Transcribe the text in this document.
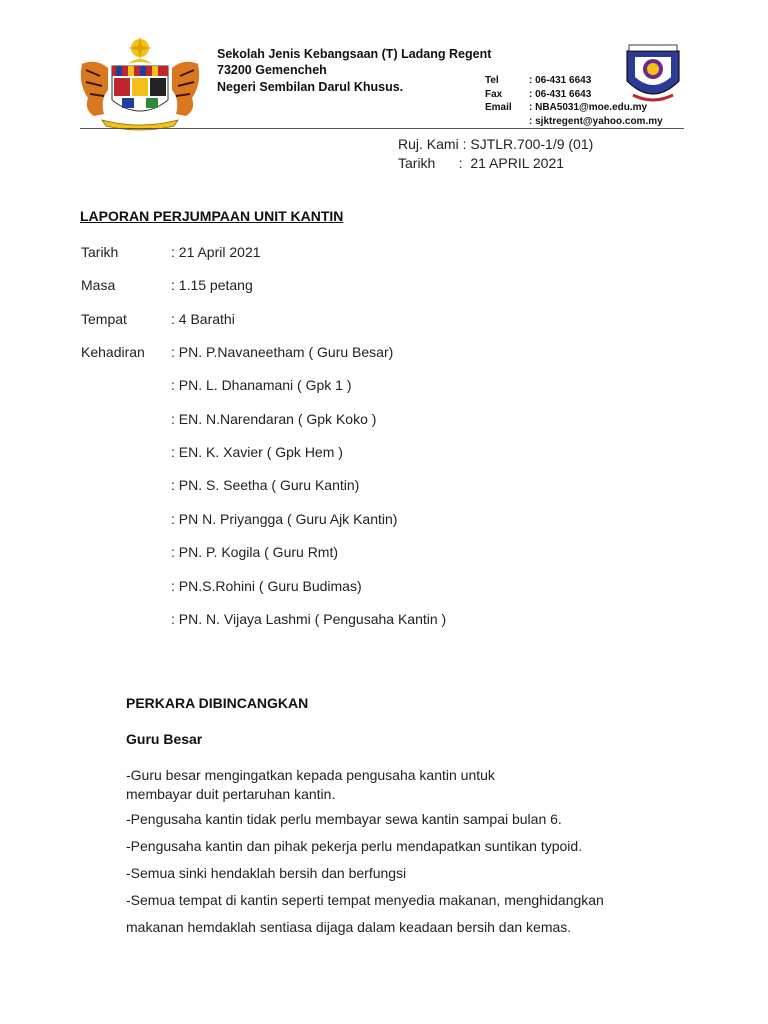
Sekolah Jenis Kebangsaan (T) Ladang Regent
73200 Gemencheh
Negeri Sembilan Darul Khusus.	Tel	: 06-431 6643
Fax	: 06-431 6643
Email : NBA5031@moe.edu.my
: sjktregent@yahoo.com.my
Ruj. Kami : SJTLR.700-1/9 (01)
Tarikh      :  21 APRIL 2021
LAPORAN PERJUMPAAN UNIT KANTIN
Tarikh	: 21 April 2021
Masa	: 1.15 petang
Tempat	: 4 Barathi
Kehadiran : PN. P.Navaneetham ( Guru Besar)
: PN. L. Dhanamani ( Gpk 1 )
: EN. N.Narendaran ( Gpk Koko )
: EN. K. Xavier ( Gpk Hem )
: PN. S. Seetha ( Guru Kantin)
: PN N. Priyangga ( Guru Ajk Kantin)
: PN. P. Kogila ( Guru Rmt)
: PN.S.Rohini ( Guru Budimas)
: PN. N. Vijaya Lashmi ( Pengusaha Kantin )
PERKARA DIBINCANGKAN
Guru Besar
-Guru besar mengingatkan kepada pengusaha kantin untuk
membayar duit pertaruhan kantin.
-Pengusaha kantin tidak perlu membayar sewa kantin sampai bulan 6.
-Pengusaha kantin dan pihak pekerja perlu mendapatkan suntikan typoid.
-Semua sinki hendaklah bersih dan berfungsi
-Semua tempat di kantin seperti tempat menyedia makanan, menghidangkan
makanan hemdaklah sentiasa dijaga dalam keadaan bersih dan kemas.
